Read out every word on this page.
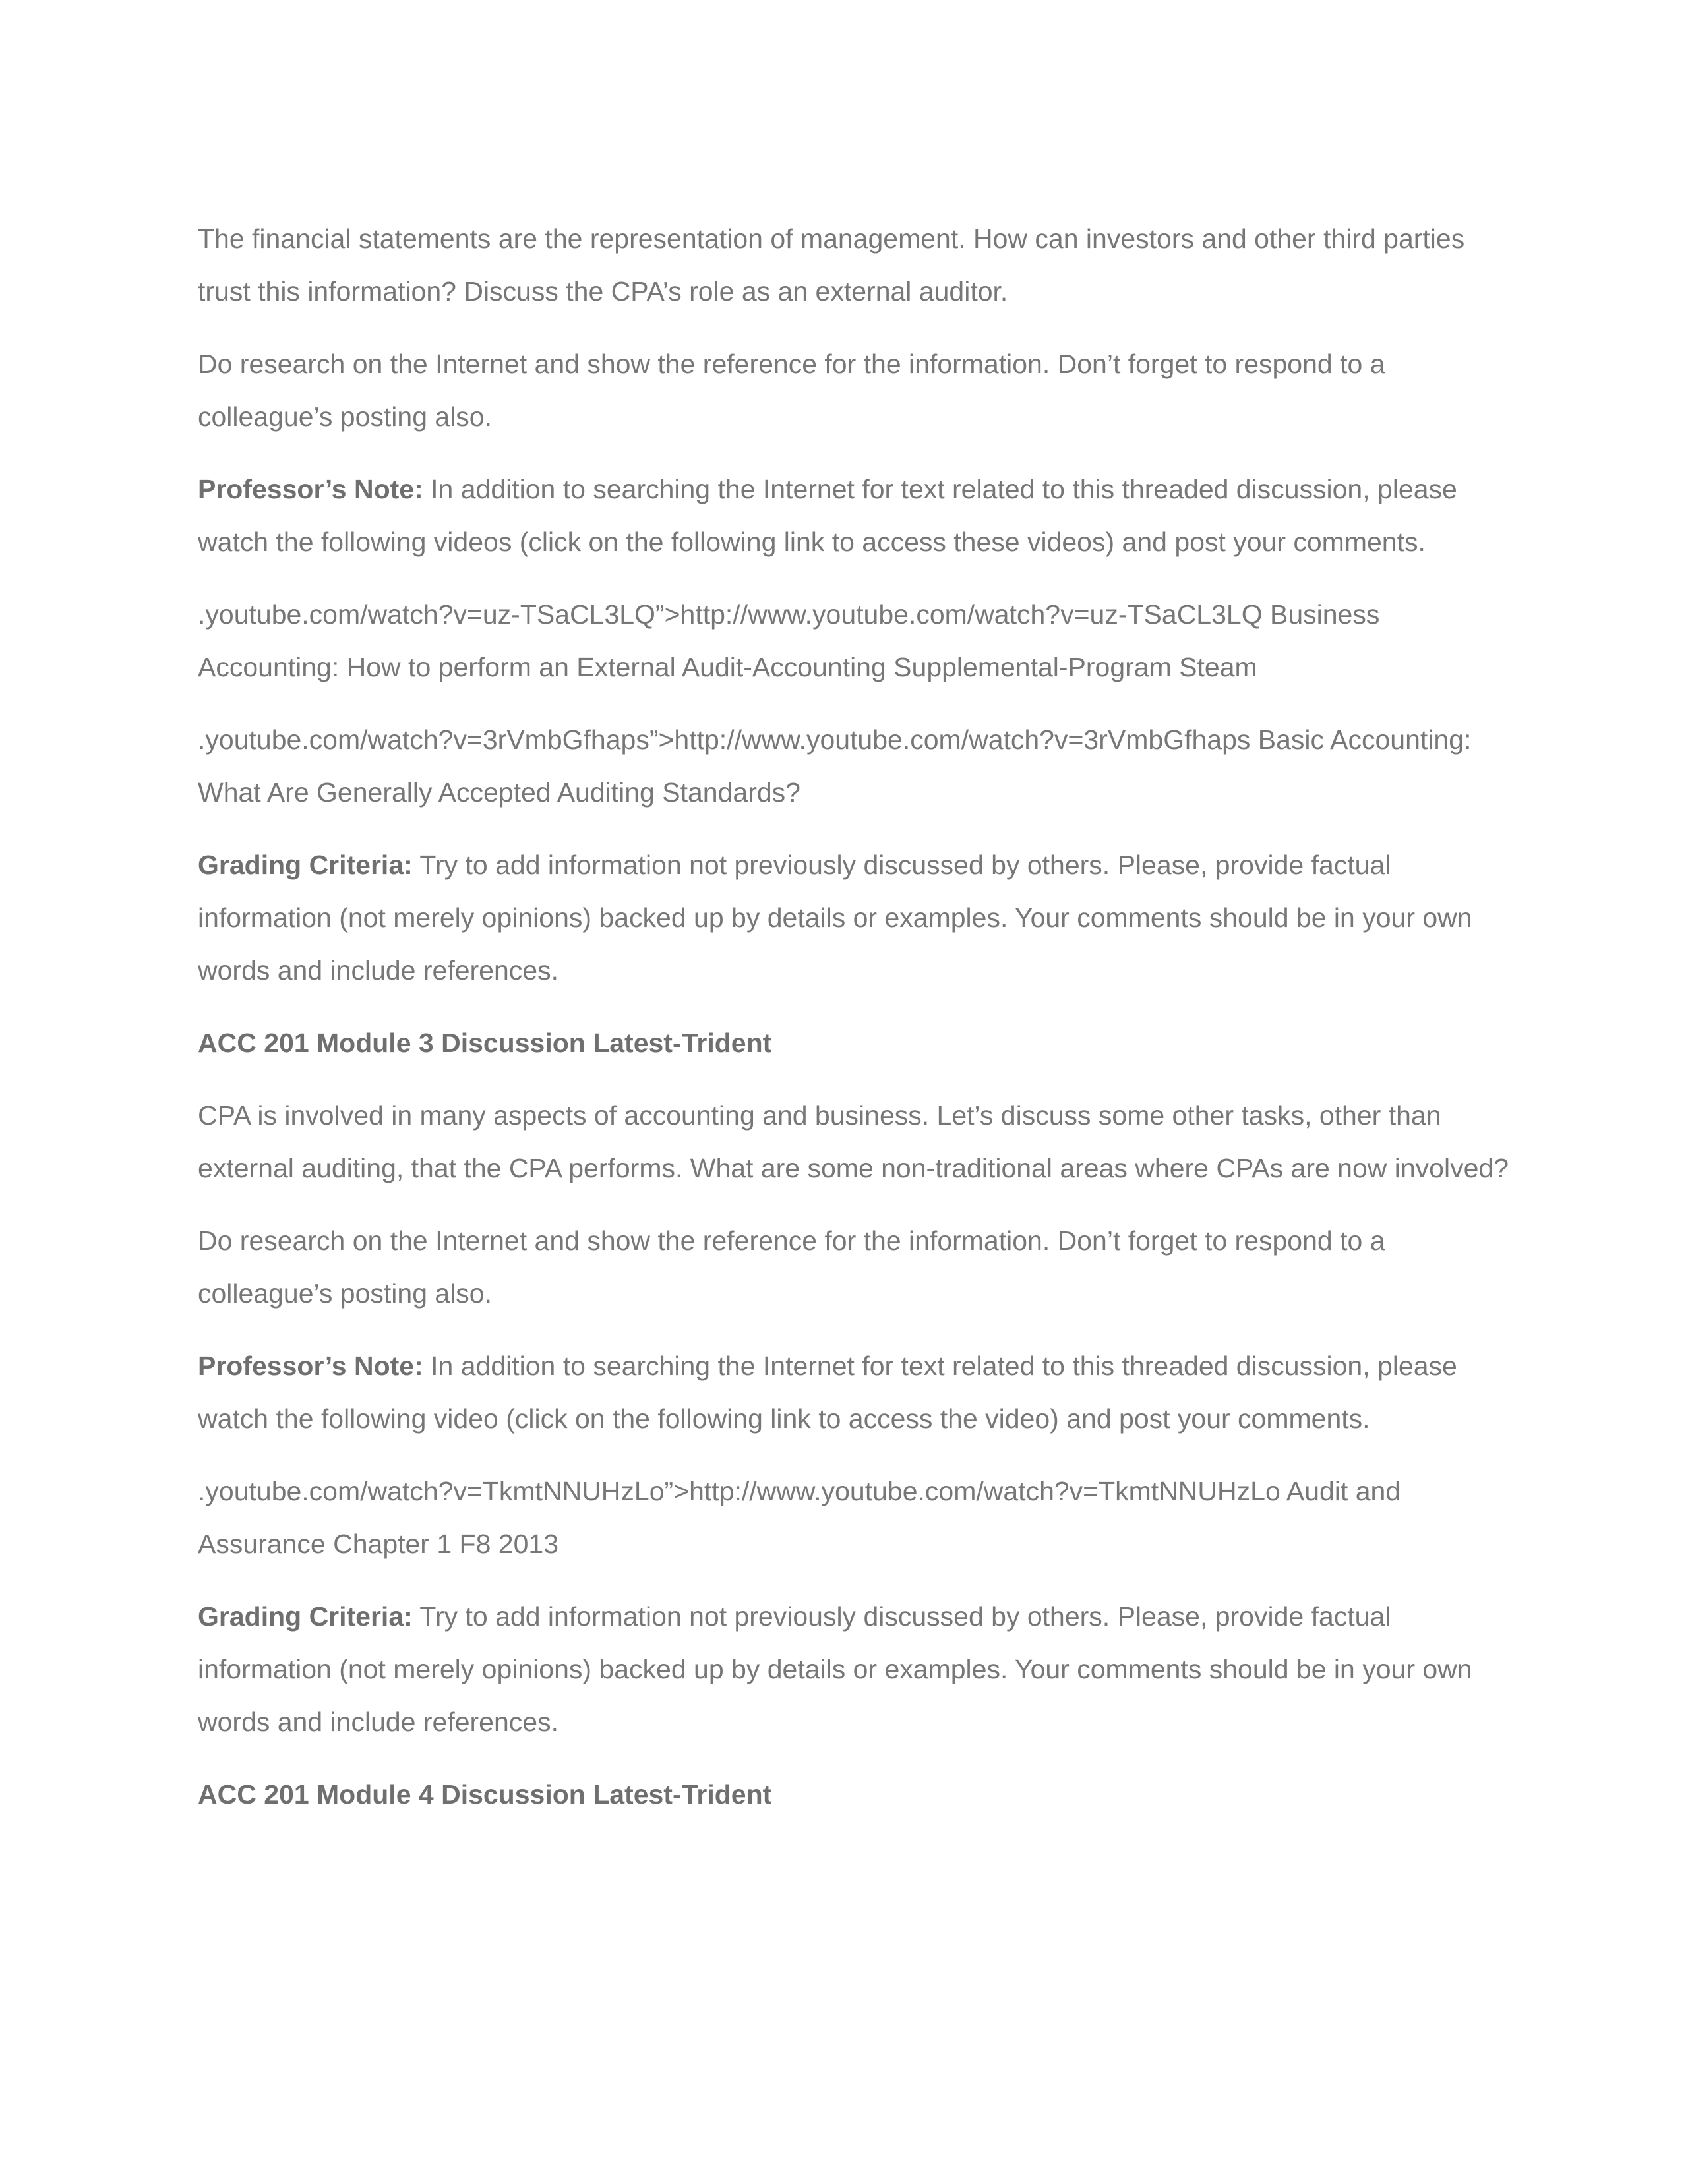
The financial statements are the representation of management. How can investors and other third parties trust this information? Discuss the CPA’s role as an external auditor.

Do research on the Internet and show the reference for the information. Don’t forget to respond to a colleague’s posting also.

Professor’s Note: In addition to searching the Internet for text related to this threaded discussion, please watch the following videos (click on the following link to access these videos) and post your comments.

.youtube.com/watch?v=uz-TSaCL3LQ”>http://www.youtube.com/watch?v=uz-TSaCL3LQ Business Accounting: How to perform an External Audit-Accounting Supplemental-Program Steam

.youtube.com/watch?v=3rVmbGfhaps”>http://www.youtube.com/watch?v=3rVmbGfhaps Basic Accounting: What Are Generally Accepted Auditing Standards?

Grading Criteria: Try to add information not previously discussed by others. Please, provide factual information (not merely opinions) backed up by details or examples. Your comments should be in your own words and include references.

ACC 201 Module 3 Discussion Latest-Trident

CPA is involved in many aspects of accounting and business. Let’s discuss some other tasks, other than external auditing, that the CPA performs. What are some non-traditional areas where CPAs are now involved?

Do research on the Internet and show the reference for the information. Don’t forget to respond to a colleague’s posting also.

Professor’s Note: In addition to searching the Internet for text related to this threaded discussion, please watch the following video (click on the following link to access the video) and post your comments.

.youtube.com/watch?v=TkmtNNUHzLo”>http://www.youtube.com/watch?v=TkmtNNUHzLo Audit and Assurance Chapter 1 F8 2013

Grading Criteria: Try to add information not previously discussed by others. Please, provide factual information (not merely opinions) backed up by details or examples. Your comments should be in your own words and include references.

ACC 201 Module 4 Discussion Latest-Trident
